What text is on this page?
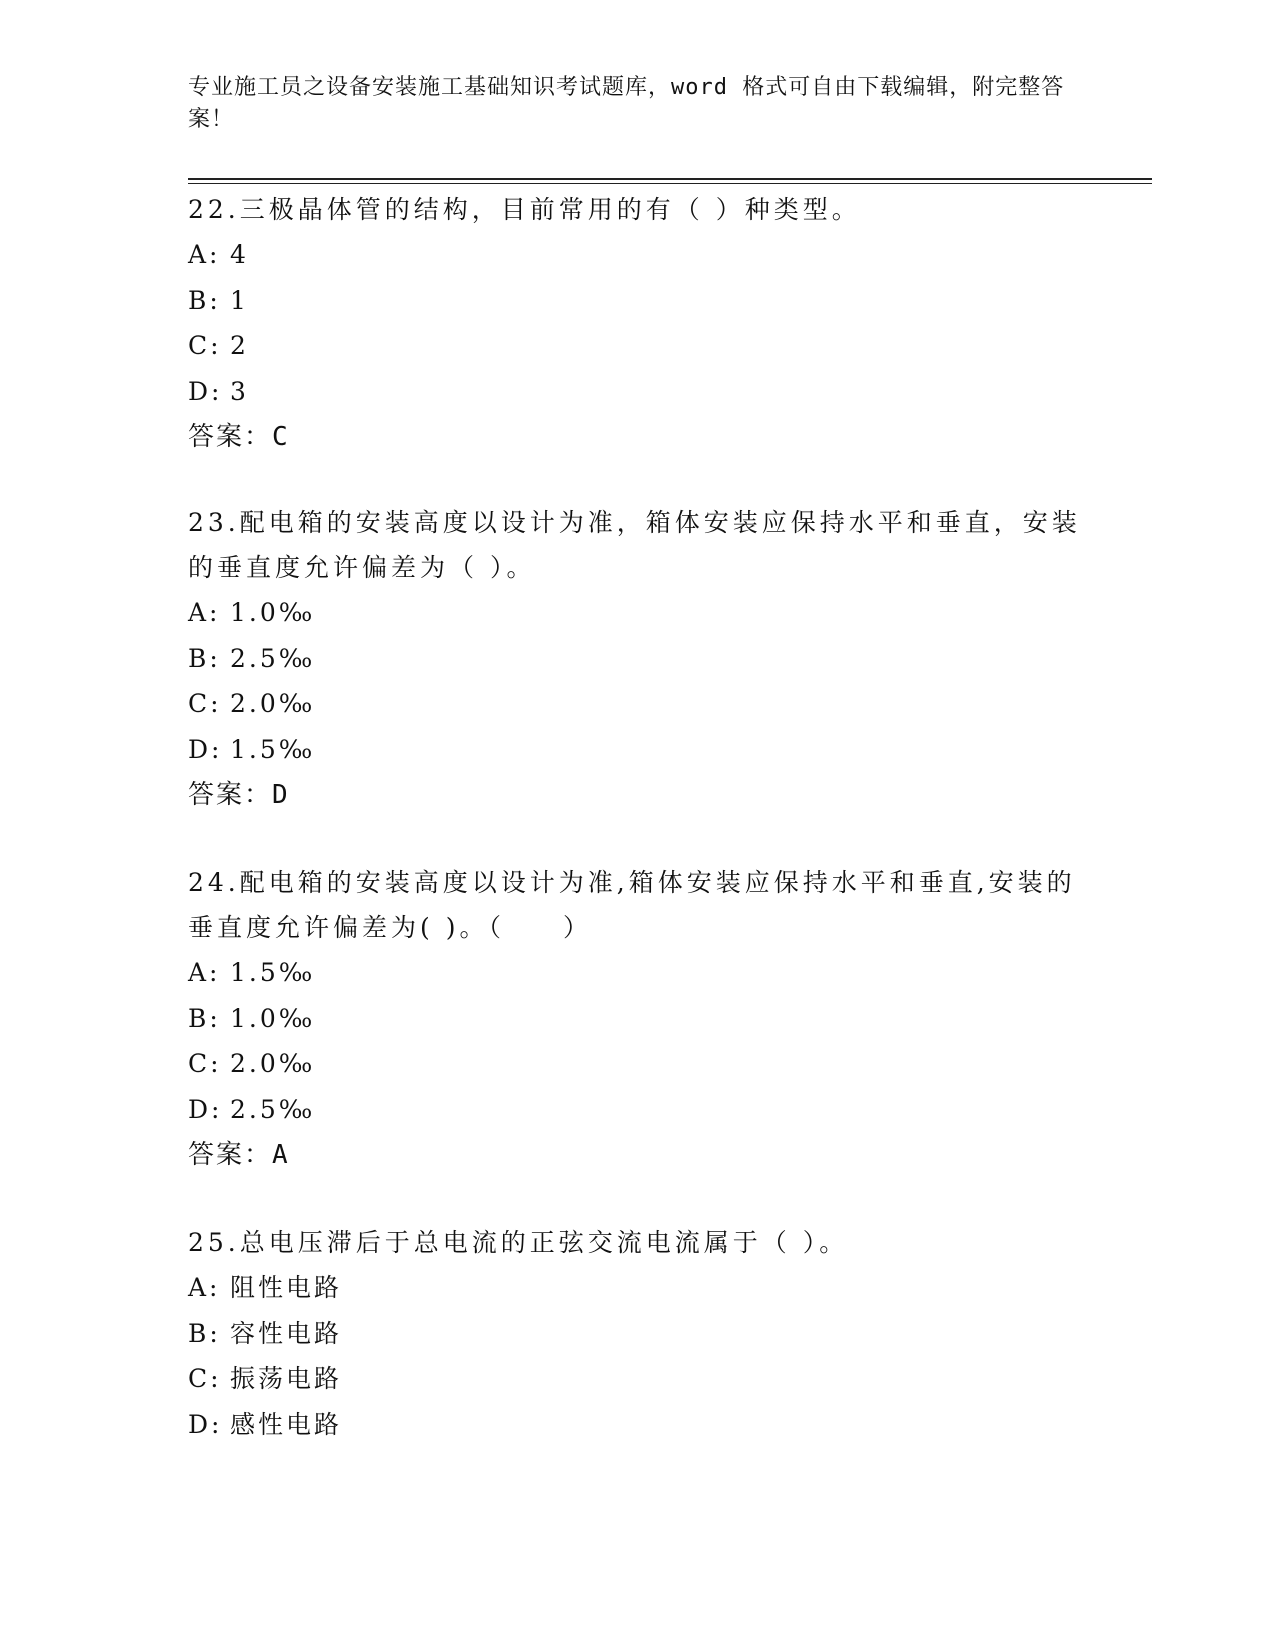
专业施工员之设备安装施工基础知识考试题库，word 格式可自由下载编辑，附完整答案！

22.三极晶体管的结构，目前常用的有（ ）种类型。

A: 4

B: 1

C: 2

D: 3

答案：C

23.配电箱的安装高度以设计为准，箱体安装应保持水平和垂直，安装的垂直度允许偏差为（ ）。

A: 1.0‰

B: 2.5‰

C: 2.0‰

D: 1.5‰

答案：D

24.配电箱的安装高度以设计为准,箱体安装应保持水平和垂直,安装的垂直度允许偏差为( )。（　　）

A: 1.5‰

B: 1.0‰

C: 2.0‰

D: 2.5‰

答案：A

25.总电压滞后于总电流的正弦交流电流属于（ ）。

A: 阻性电路

B: 容性电路

C: 振荡电路

D: 感性电路
